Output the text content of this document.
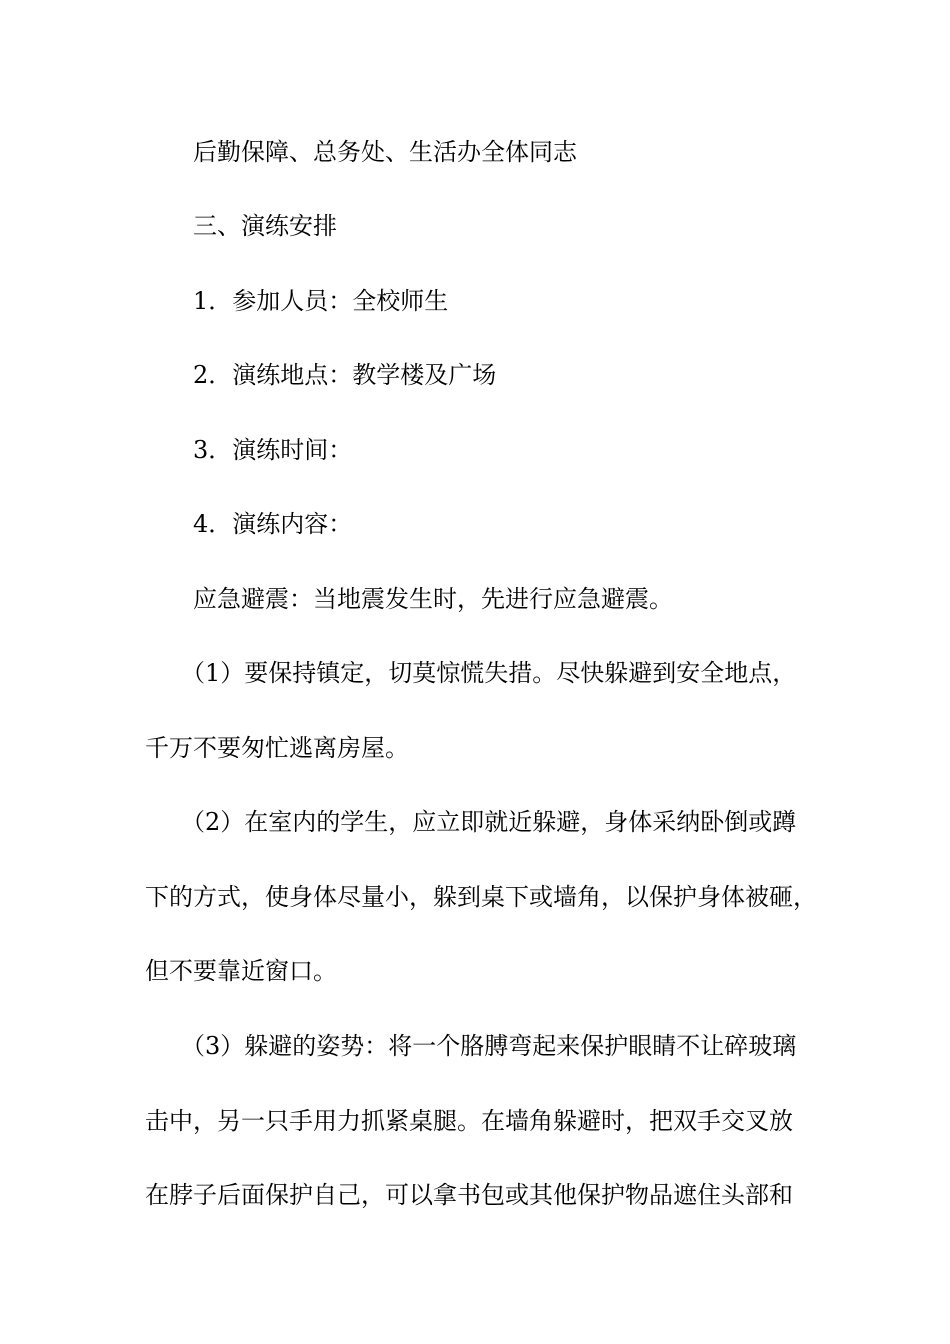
后勤保障、总务处、生活办全体同志
三、演练安排
1．参加人员：全校师生
2．演练地点：教学楼及广场
3．演练时间：
4．演练内容：
应急避震：当地震发生时，先进行应急避震。
（1）要保持镇定，切莫惊慌失措。尽快躲避到安全地点，
千万不要匆忙逃离房屋。
（2）在室内的学生，应立即就近躲避，身体采纳卧倒或蹲
下的方式，使身体尽量小，躲到桌下或墙角，以保护身体被砸，
但不要靠近窗口。
（3）躲避的姿势：将一个胳膊弯起来保护眼睛不让碎玻璃
击中，另一只手用力抓紧桌腿。在墙角躲避时，把双手交叉放
在脖子后面保护自己，可以拿书包或其他保护物品遮住头部和
